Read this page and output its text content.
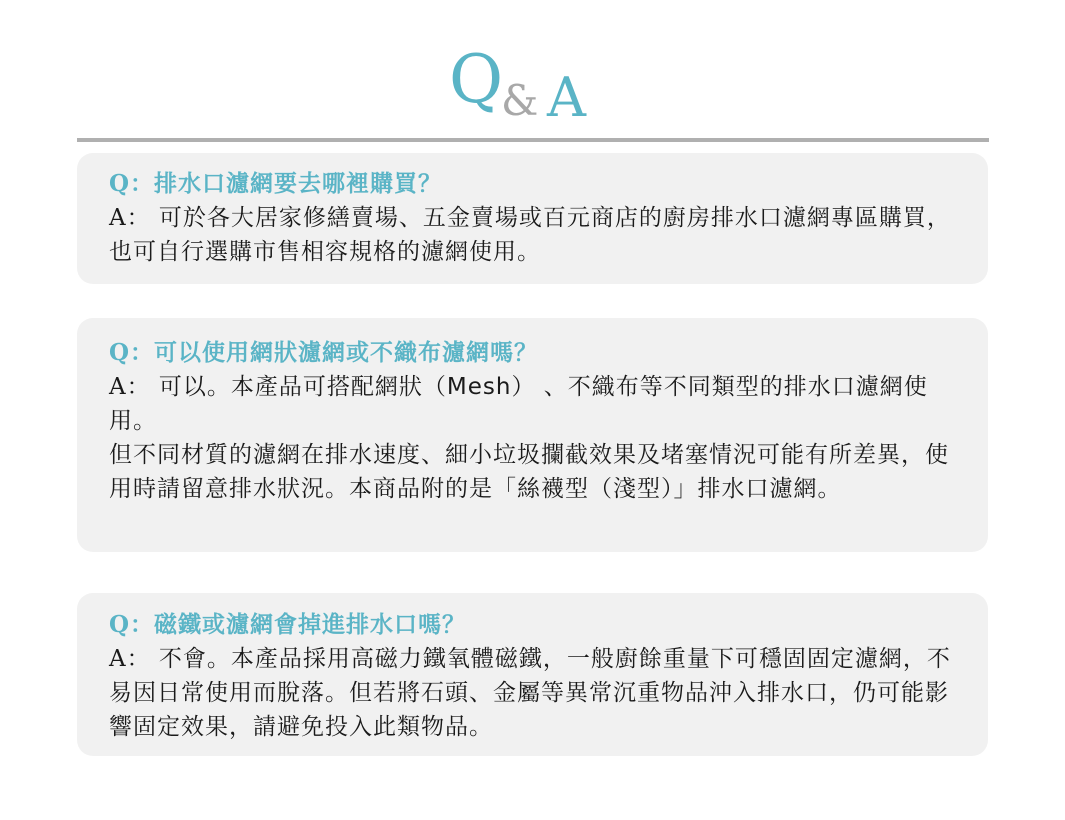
Q
& A
Q：排水口濾網要去哪裡購買？
A： 可於各大居家修繕賣場、五金賣場或百元商店的廚房排水口濾網專區購買，也可自行選購市售相容規格的濾網使用。
Q：可以使用網狀濾網或不織布濾網嗎？
A： 可以。本產品可搭配網狀（Mesh） 、不織布等不同類型的排水口濾網使用。
但不同材質的濾網在排水速度、細小垃圾攔截效果及堵塞情況可能有所差異，使用時請留意排水狀況。本商品附的是「絲襪型（淺型）」排水口濾網。
Q：磁鐵或濾網會掉進排水口嗎？
A： 不會。本產品採用高磁力鐵氧體磁鐵，一般廚餘重量下可穩固固定濾網，不易因日常使用而脫落。但若將石頭、金屬等異常沉重物品沖入排水口，仍可能影響固定效果，請避免投入此類物品。
